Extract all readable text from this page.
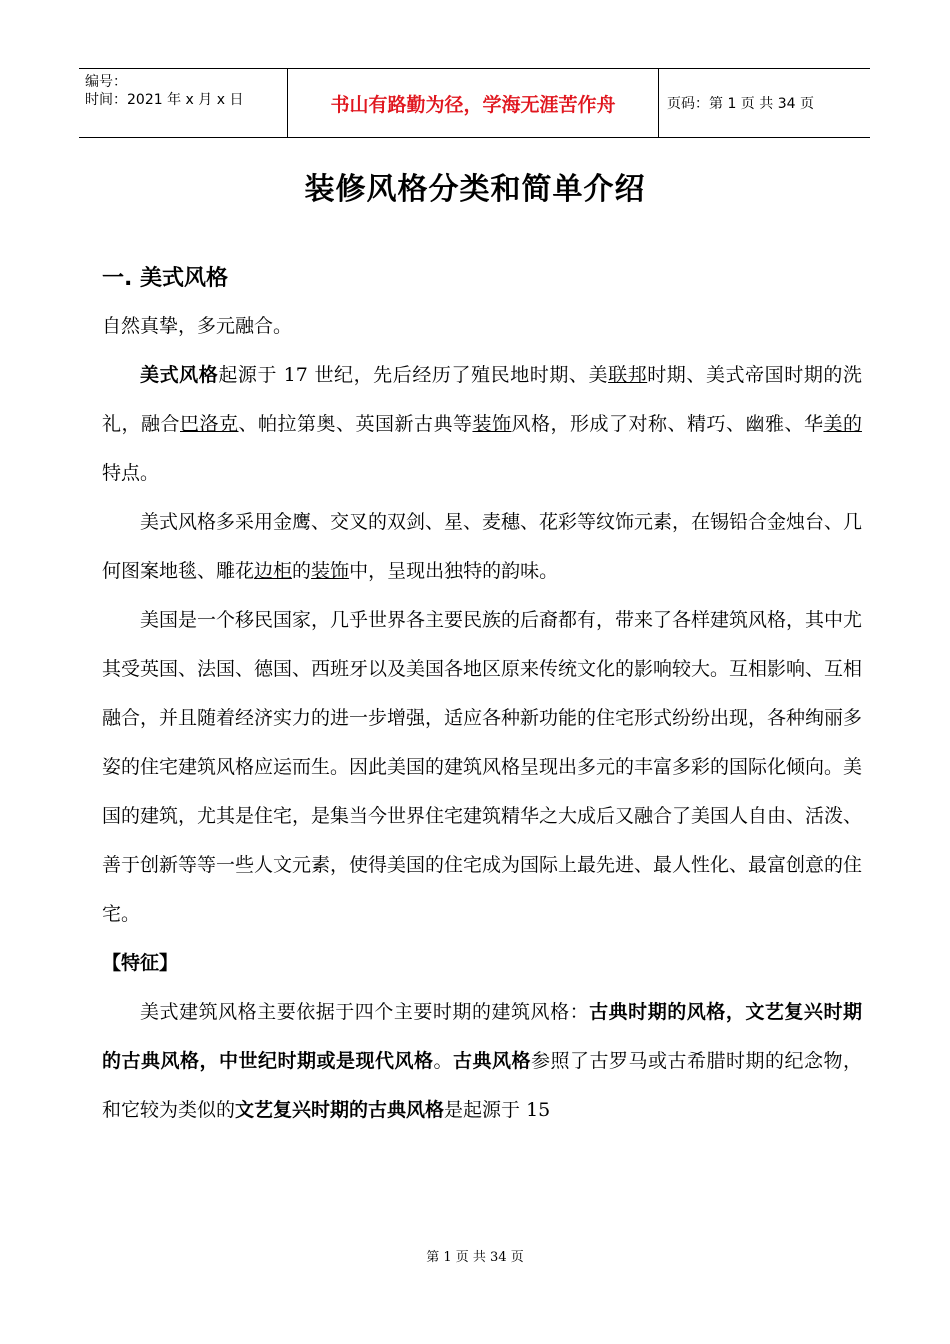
编号：
时间：2021 年 x 月 x 日	书山有路勤为径，学海无涯苦作舟	页码：第 1 页 共 34 页
装修风格分类和简单介绍
一. 美式风格

自然真挚，多元融合。

美式风格起源于 17 世纪，先后经历了殖民地时期、美联邦时期、美式帝国时期的洗礼，融合巴洛克、帕拉第奥、英国新古典等装饰风格，形成了对称、精巧、幽雅、华美的特点。

美式风格多采用金鹰、交叉的双剑、星、麦穗、花彩等纹饰元素，在锡铅合金烛台、几何图案地毯、雕花边柜的装饰中，呈现出独特的韵味。

美国是一个移民国家，几乎世界各主要民族的后裔都有，带来了各样建筑风格，其中尤其受英国、法国、德国、西班牙以及美国各地区原来传统文化的影响较大。互相影响、互相融合，并且随着经济实力的进一步增强，适应各种新功能的住宅形式纷纷出现，各种绚丽多姿的住宅建筑风格应运而生。因此美国的建筑风格呈现出多元的丰富多彩的国际化倾向。美国的建筑，尤其是住宅，是集当今世界住宅建筑精华之大成后又融合了美国人自由、活泼、善于创新等等一些人文元素，使得美国的住宅成为国际上最先进、最人性化、最富创意的住宅。

【特征】

美式建筑风格主要依据于四个主要时期的建筑风格：古典时期的风格，文艺复兴时期的古典风格，中世纪时期或是现代风格。古典风格参照了古罗马或古希腊时期的纪念物，和它较为类似的文艺复兴时期的古典风格是起源于 15

第 1 页 共 34 页
